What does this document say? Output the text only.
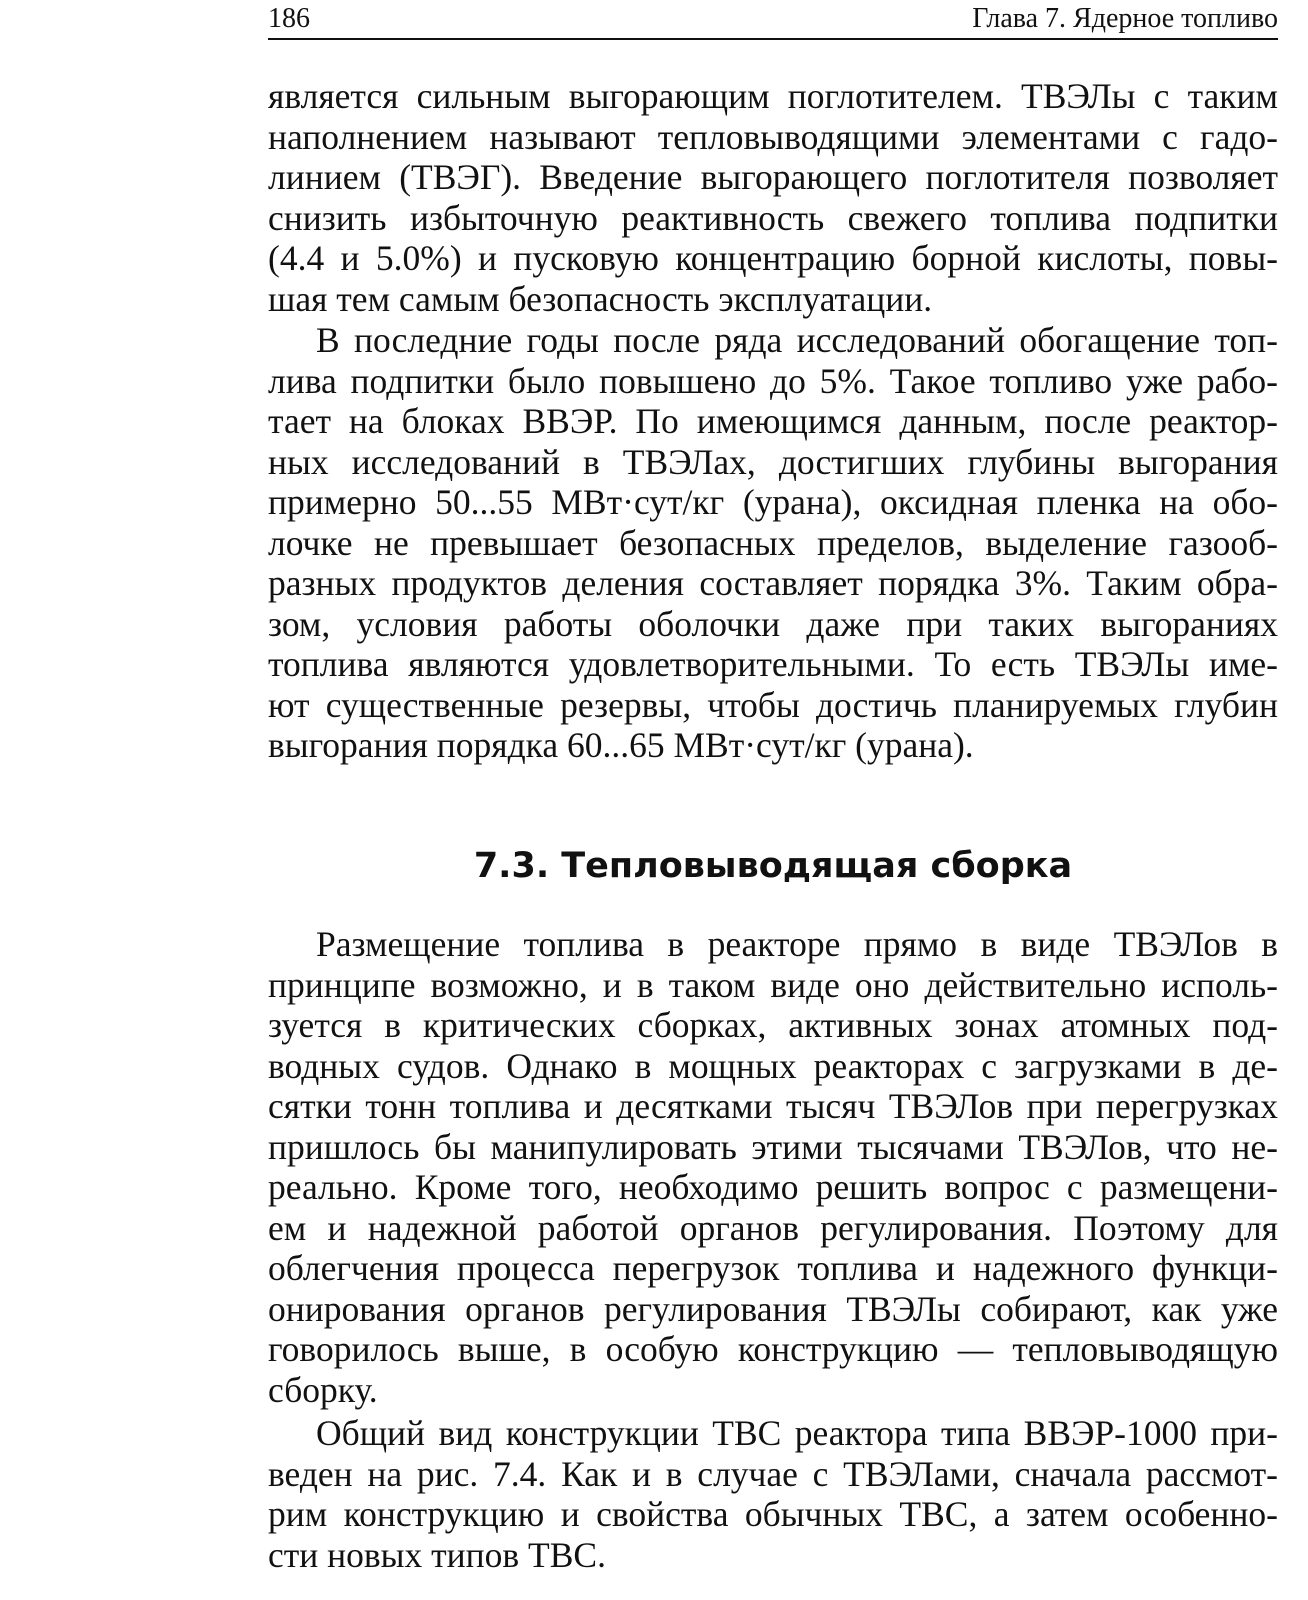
186	Глава 7. Ядерное топливо
является сильным выгорающим поглотителем. ТВЭЛы с таким
наполнением называют тепловыводящими элементами с гадо-
линием (ТВЭГ). Введение выгорающего поглотителя позволяет
снизить избыточную реактивность свежего топлива подпитки
(4.4 и 5.0%) и пусковую концентрацию борной кислоты, повы-
шая тем самым безопасность эксплуатации.
В последние годы после ряда исследований обогащение топ-
лива подпитки было повышено до 5%. Такое топливо уже рабо-
тает на блоках ВВЭР. По имеющимся данным, после реактор-
ных исследований в ТВЭЛах, достигших глубины выгорания
примерно 50...55 МВт·сут/кг (урана), оксидная пленка на обо-
лочке не превышает безопасных пределов, выделение газооб-
разных продуктов деления составляет порядка 3%. Таким обра-
зом, условия работы оболочки даже при таких выгораниях
топлива являются удовлетворительными. То есть ТВЭЛы име-
ют существенные резервы, чтобы достичь планируемых глубин
выгорания порядка 60...65 МВт·сут/кг (урана).
7.3. Тепловыводящая сборка
Размещение топлива в реакторе прямо в виде ТВЭЛов в
принципе возможно, и в таком виде оно действительно исполь-
зуется в критических сборках, активных зонах атомных под-
водных судов. Однако в мощных реакторах с загрузками в де-
сятки тонн топлива и десятками тысяч ТВЭЛов при перегрузках
пришлось бы манипулировать этими тысячами ТВЭЛов, что не-
реально. Кроме того, необходимо решить вопрос с размещени-
ем и надежной работой органов регулирования. Поэтому для
облегчения процесса перегрузок топлива и надежного функци-
онирования органов регулирования ТВЭЛы собирают, как уже
говорилось выше, в особую конструкцию — тепловыводящую
сборку.
Общий вид конструкции ТВС реактора типа ВВЭР-1000 при-
веден на рис. 7.4. Как и в случае с ТВЭЛами, сначала рассмот-
рим конструкцию и свойства обычных ТВС, а затем особенно-
сти новых типов ТВС.
